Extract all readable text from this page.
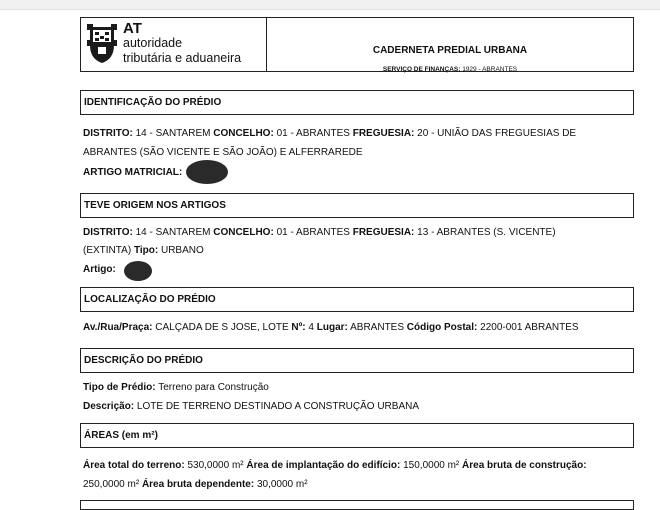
AT
autoridade
tributária e aduaneira
CADERNETA PREDIAL URBANA
SERVIÇO DE FINANÇAS: 1929 - ABRANTES
IDENTIFICAÇÃO DO PRÉDIO
DISTRITO: 14 - SANTAREM CONCELHO: 01 - ABRANTES FREGUESIA: 20 - UNIÃO DAS FREGUESIAS DE
ABRANTES (SÃO VICENTE E SÃO JOÃO) E ALFERRAREDE
ARTIGO MATRICIAL:
TEVE ORIGEM NOS ARTIGOS
DISTRITO: 14 - SANTAREM CONCELHO: 01 - ABRANTES FREGUESIA: 13 - ABRANTES (S. VICENTE)
(EXTINTA) Tipo: URBANO
Artigo:
LOCALIZAÇÃO DO PRÉDIO
Av./Rua/Praça: CALÇADA DE S JOSE, LOTE Nº: 4 Lugar: ABRANTES Código Postal: 2200-001 ABRANTES
DESCRIÇÃO DO PRÉDIO
Tipo de Prédio: Terreno para Construção
Descrição: LOTE DE TERRENO DESTINADO A CONSTRUÇÃO URBANA
ÁREAS (em m²)
Área total do terreno: 530,0000 m² Área de implantação do edifício: 150,0000 m² Área bruta de construção:
250,0000 m² Área bruta dependente: 30,0000 m²
